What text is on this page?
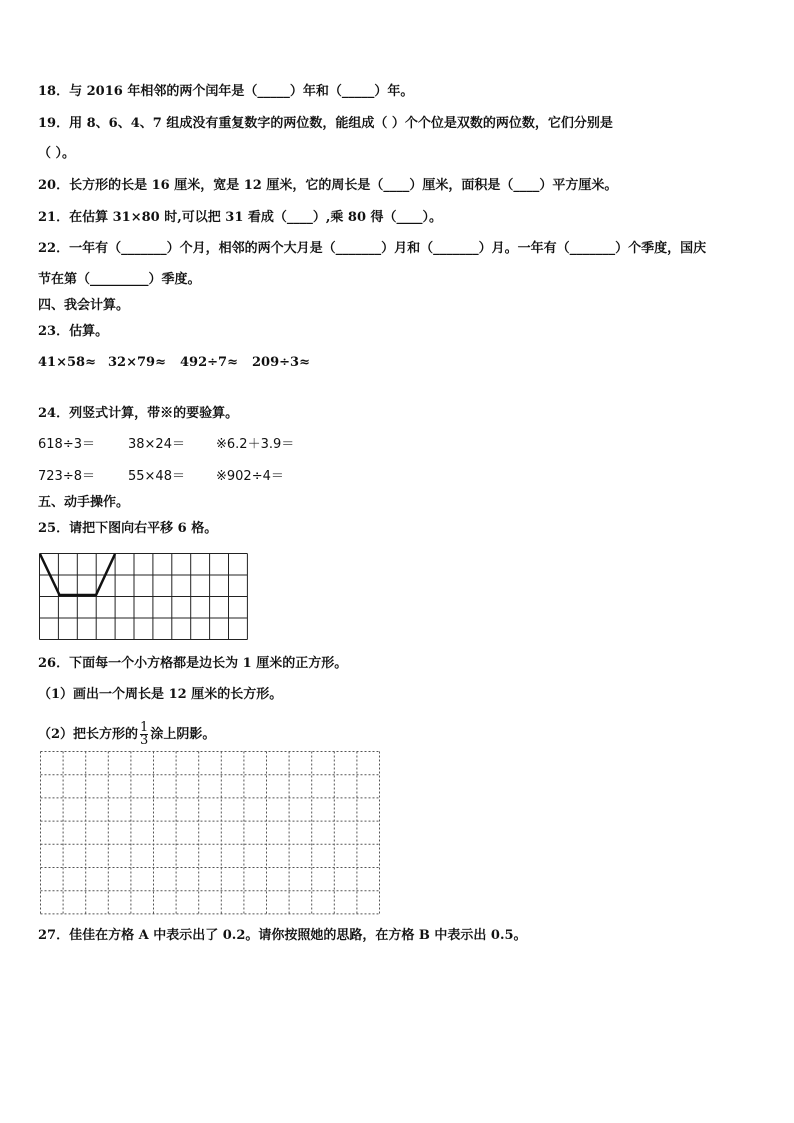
18．与 2016 年相邻的两个闰年是（_____）年和（_____）年。
19．用 8、6、4、7 组成没有重复数字的两位数，能组成（ ）个个位是双数的两位数，它们分别是
（ ）。
20．长方形的长是 16 厘米，宽是 12 厘米，它的周长是（____）厘米，面积是（____）平方厘米。
21．在估算 31×80 时,可以把 31 看成（____）,乘 80 得（____）。
22．一年有（_______）个月，相邻的两个大月是（_______）月和（_______）月。一年有（_______）个季度，国庆
节在第（_________）季度。
四、我会计算。
23．估算。
41×58≈ 32×79≈ 492÷7≈ 209÷3≈
24．列竖式计算，带※的要验算。
618÷3＝	38×24＝ ※6.2＋3.9＝
723÷8＝	55×48＝ ※902÷4＝
五、动手操作。
25．请把下图向右平移 6 格。
26．下面每一个小方格都是边长为 1 厘米的正方形。
（1）画出一个周长是 12 厘米的长方形。
（2）把长方形的 $\frac{1}{3}$ 涂上阴影。
27．佳佳在方格 A 中表示出了 0.2。请你按照她的思路，在方格 B 中表示出 0.5。
